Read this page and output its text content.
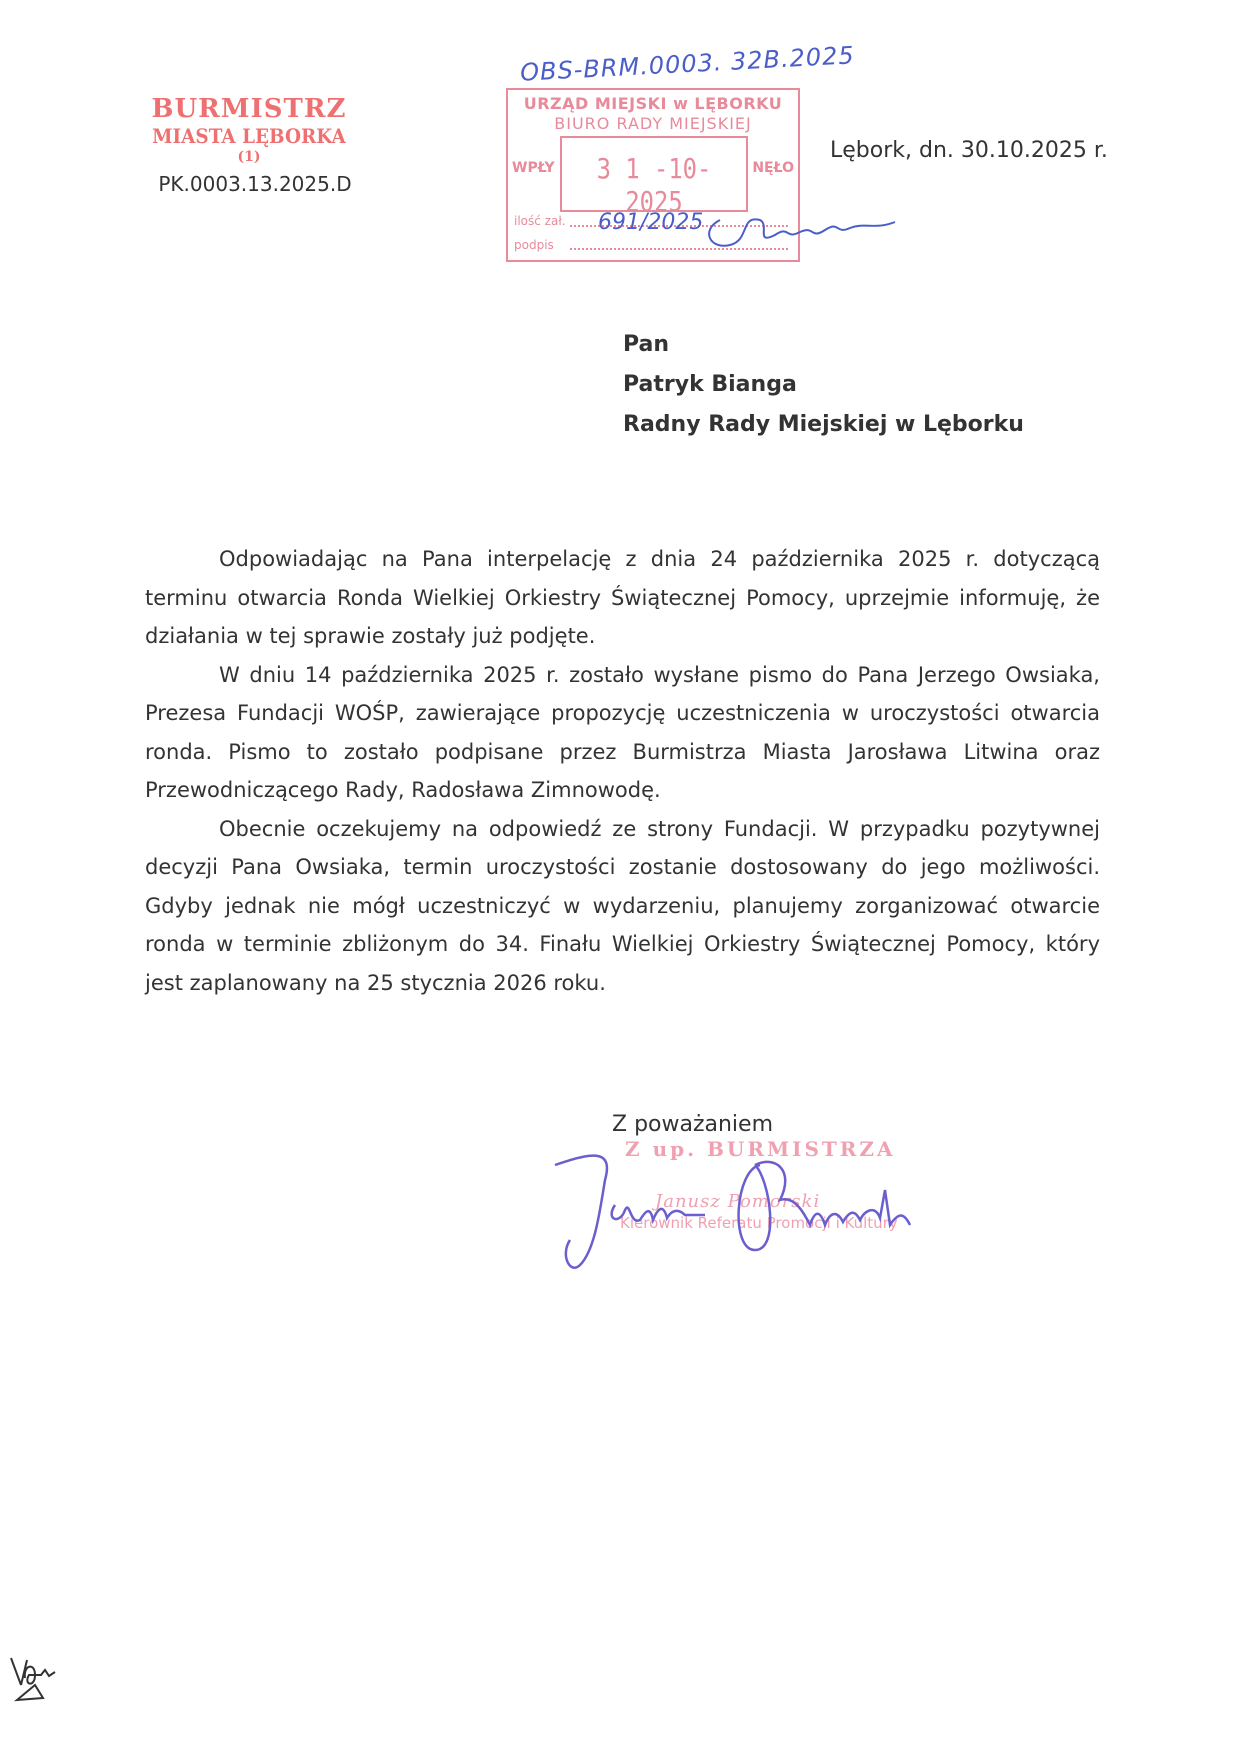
BURMISTRZ
MIASTA LĘBORKA
(1)
PK.0003.13.2025.D
OBS-BRM.0003. 32B.2025
URZĄD MIEJSKI w LĘBORKU
BIURO RADY MIEJSKIEJ
3 1 -10- 2025
WPŁY	NĘŁO
ilość zał.
podpis
691/2025
Lębork, dn. 30.10.2025 r.
Pan
Patryk Bianga
Radny Rady Miejskiej w Lęborku

Odpowiadając na Pana interpelację z dnia 24 października 2025 r. dotyczącą terminu otwarcia Ronda Wielkiej Orkiestry Świątecznej Pomocy, uprzejmie informuję, że działania w tej sprawie zostały już podjęte.

W dniu 14 października 2025 r. zostało wysłane pismo do Pana Jerzego Owsiaka, Prezesa Fundacji WOŚP, zawierające propozycję uczestniczenia w uroczystości otwarcia ronda. Pismo to zostało podpisane przez Burmistrza Miasta Jarosława Litwina oraz Przewodniczącego Rady, Radosława Zimnowodę.

Obecnie oczekujemy na odpowiedź ze strony Fundacji. W przypadku pozytywnej decyzji Pana Owsiaka, termin uroczystości zostanie dostosowany do jego możliwości. Gdyby jednak nie mógł uczestniczyć w wydarzeniu, planujemy zorganizować otwarcie ronda w terminie zbliżonym do 34. Finału Wielkiej Orkiestry Świątecznej Pomocy, który jest zaplanowany na 25 stycznia 2026 roku.

Z poważaniem
Z up. BURMISTRZA
Janusz Pomorski
Kierownik Referatu Promocji i Kultury
